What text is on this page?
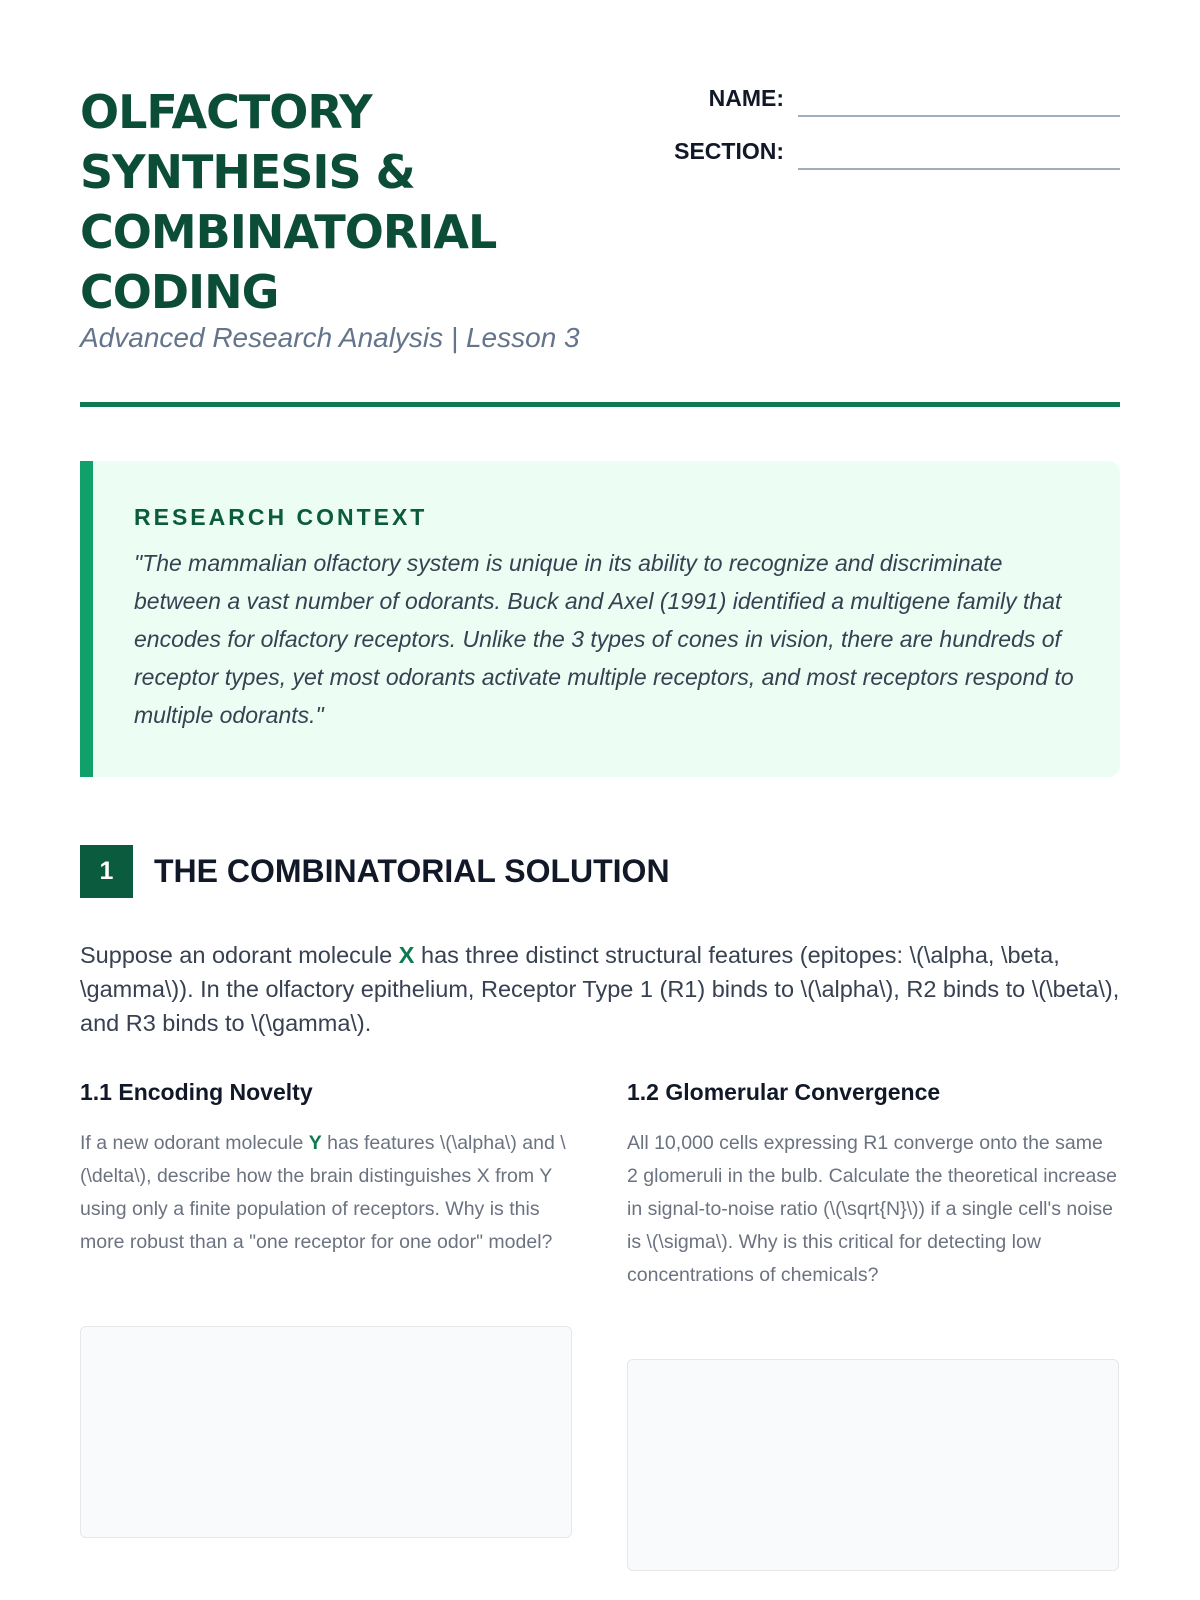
OLFACTORY SYNTHESIS & COMBINATORIAL CODING

Advanced Research Analysis | Lesson 3

NAME:
SECTION:
RESEARCH CONTEXT

"The mammalian olfactory system is unique in its ability to recognize and discriminate between a vast number of odorants. Buck and Axel (1991) identified a multigene family that encodes for olfactory receptors. Unlike the 3 types of cones in vision, there are hundreds of receptor types, yet most odorants activate multiple receptors, and most receptors respond to multiple odorants."

1	THE COMBINATORIAL SOLUTION

Suppose an odorant molecule X has three distinct structural features (epitopes: \(\alpha, \beta, \gamma\)). In the olfactory epithelium, Receptor Type 1 (R1) binds to \(\alpha\), R2 binds to \(\beta\), and R3 binds to \(\gamma\).

1.1 Encoding Novelty

If a new odorant molecule Y has features \(\alpha\) and \(\delta\), describe how the brain distinguishes X from Y using only a finite population of receptors. Why is this more robust than a "one receptor for one odor" model?

1.2 Glomerular Convergence

All 10,000 cells expressing R1 converge onto the same 2 glomeruli in the bulb. Calculate the theoretical increase in signal-to-noise ratio (\(\sqrt{N}\)) if a single cell's noise is \(\sigma\). Why is this critical for detecting low concentrations of chemicals?
